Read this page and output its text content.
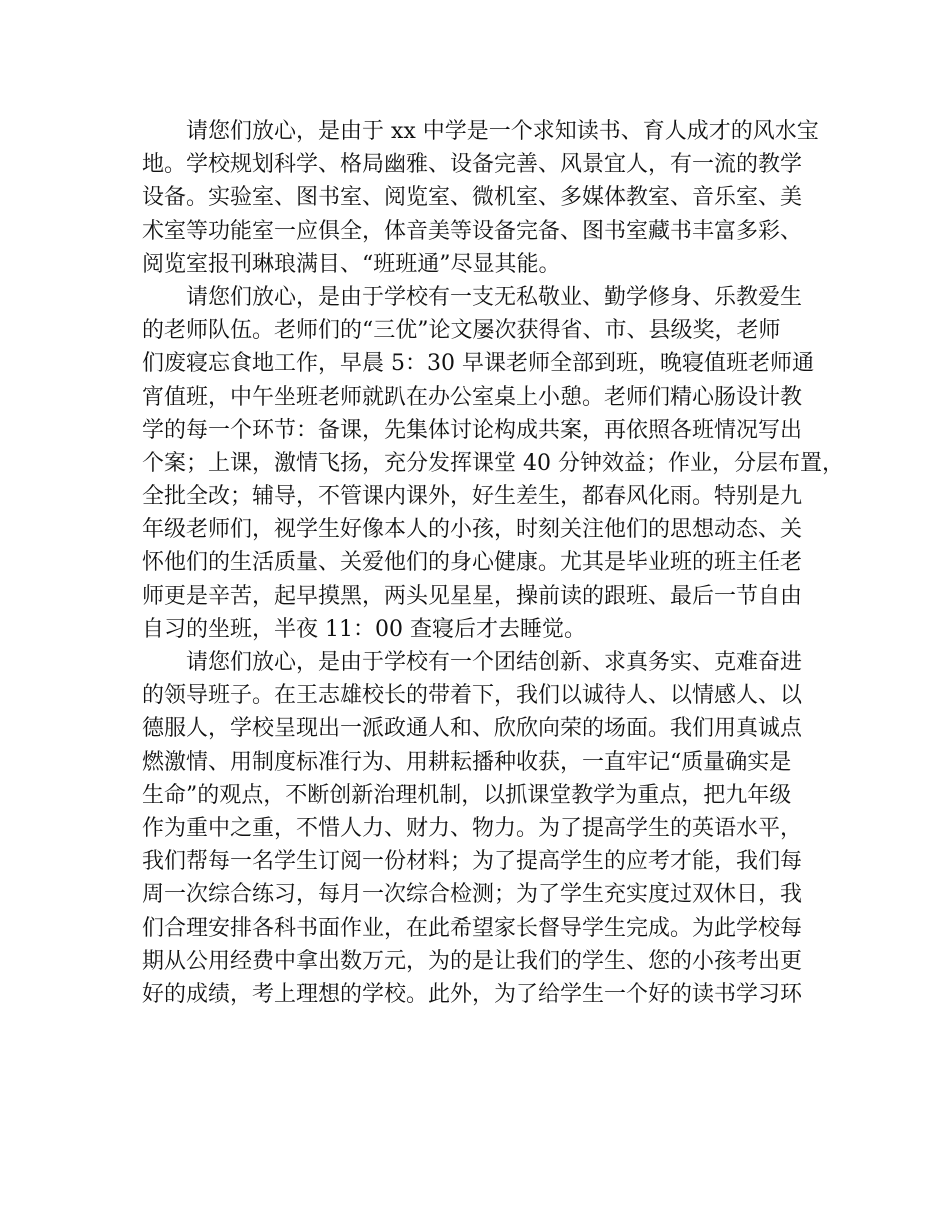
请您们放心，是由于 xx 中学是一个求知读书、育人成才的风水宝
地。学校规划科学、格局幽雅、设备完善、风景宜人，有一流的教学
设备。实验室、图书室、阅览室、微机室、多媒体教室、音乐室、美
术室等功能室一应俱全，体音美等设备完备、图书室藏书丰富多彩、
阅览室报刊琳琅满目、“班班通”尽显其能。

请您们放心，是由于学校有一支无私敬业、勤学修身、乐教爱生
的老师队伍。老师们的“三优”论文屡次获得省、市、县级奖，老师
们废寝忘食地工作，早晨 5：30 早课老师全部到班，晚寝值班老师通
宵值班，中午坐班老师就趴在办公室桌上小憩。老师们精心肠设计教
学的每一个环节：备课，先集体讨论构成共案，再依照各班情况写出
个案；上课，激情飞扬，充分发挥课堂 40 分钟效益；作业，分层布置，
全批全改；辅导，不管课内课外，好生差生，都春风化雨。特别是九
年级老师们，视学生好像本人的小孩，时刻关注他们的思想动态、关
怀他们的生活质量、关爱他们的身心健康。尤其是毕业班的班主任老
师更是辛苦，起早摸黑，两头见星星，操前读的跟班、最后一节自由
自习的坐班，半夜 11：00 查寝后才去睡觉。

请您们放心，是由于学校有一个团结创新、求真务实、克难奋进
的领导班子。在王志雄校长的带着下，我们以诚待人、以情感人、以
德服人，学校呈现出一派政通人和、欣欣向荣的场面。我们用真诚点
燃激情、用制度标准行为、用耕耘播种收获，一直牢记“质量确实是
生命”的观点，不断创新治理机制，以抓课堂教学为重点，把九年级
作为重中之重，不惜人力、财力、物力。为了提高学生的英语水平，
我们帮每一名学生订阅一份材料；为了提高学生的应考才能，我们每
周一次综合练习，每月一次综合检测；为了学生充实度过双休日，我
们合理安排各科书面作业，在此希望家长督导学生完成。为此学校每
期从公用经费中拿出数万元，为的是让我们的学生、您的小孩考出更
好的成绩，考上理想的学校。此外，为了给学生一个好的读书学习环
